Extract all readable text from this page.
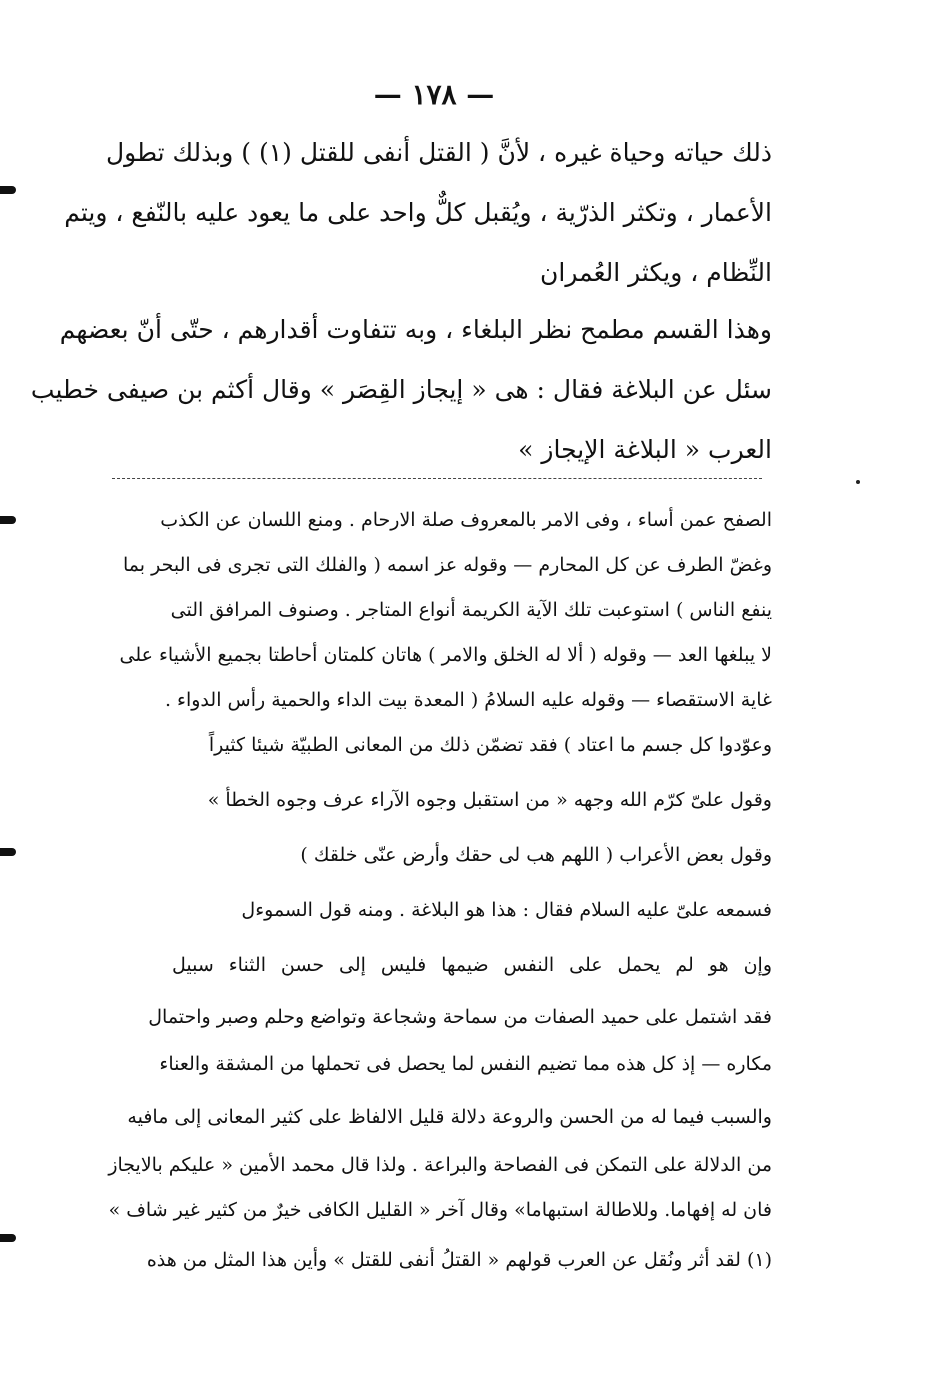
— ١٧٨ —
ذلك حياته وحياة غيره ، لأنَّ ( القتل أنفى للقتل (١) ) وبذلك تطول
الأعمار ، وتكثر الذرّية ، ويُقبل كلٌّ واحد على ما يعود عليه بالنّفع ، ويتم
النِّظام ، ويكثر العُمران
وهذا القسم مطمح نظر البلغاء ، وبه تتفاوت أقدارهم ، حتّى أنّ بعضهم
سئل عن البلاغة فقال : هى « إيجاز القِصَر » وقال أكثم بن صيفى خطيب
العرب « البلاغة الإيجاز »
الصفح عمن أساء ، وفى الامر بالمعروف صلة الارحام . ومنع اللسان عن الكذب
وغضّ الطرف عن كل المحارم — وقوله عز اسمه ( والفلك التى تجرى فى البحر بما
ينفع الناس ) استوعبت تلك الآية الكريمة أنواع المتاجر . وصنوف المرافق التى
لا يبلغها العد — وقوله ( ألا له الخلق والامر ) هاتان كلمتان أحاطتا بجميع الأشياء على
غاية الاستقصاء — وقوله عليه السلامُ ( المعدة بيت الداء والحمية رأس الدواء .
وعوّدوا كل جسم ما اعتاد ) فقد تضمّن ذلك من المعانى الطبيّة شيئا كثيراً
وقول علىّ كرّم الله وجهه « من استقبل وجوه الآراء عرف وجوه الخطأ »
وقول بعض الأعراب ( اللهم هب لى حقك وأرض عنّى خلقك )
فسمعه علىّ عليه السلام فقال : هذا هو البلاغة . ومنه قول السموءل
وإن هو لم يحمل على النفس ضيمها فليس إلى حسن الثناء سبيل
فقد اشتمل على حميد الصفات من سماحة وشجاعة وتواضع وحلم وصبر واحتمال
مكاره — إذ كل هذه مما تضيم النفس لما يحصل فى تحملها من المشقة والعناء
والسبب فيما له من الحسن والروعة دلالة قليل الالفاظ على كثير المعانى إلى مافيه
من الدلالة على التمكن فى الفصاحة والبراعة . ولذا قال محمد الأمين « عليكم بالايجاز
فان له إفهاما. وللاطالة استبهاما» وقال آخر « القليل الكافى خيرٌ من كثير غير شاف »
(١) لقد أثر ونُقل عن العرب قولهم « القتلُ أنفى للقتل » وأين هذا المثل من هذه
